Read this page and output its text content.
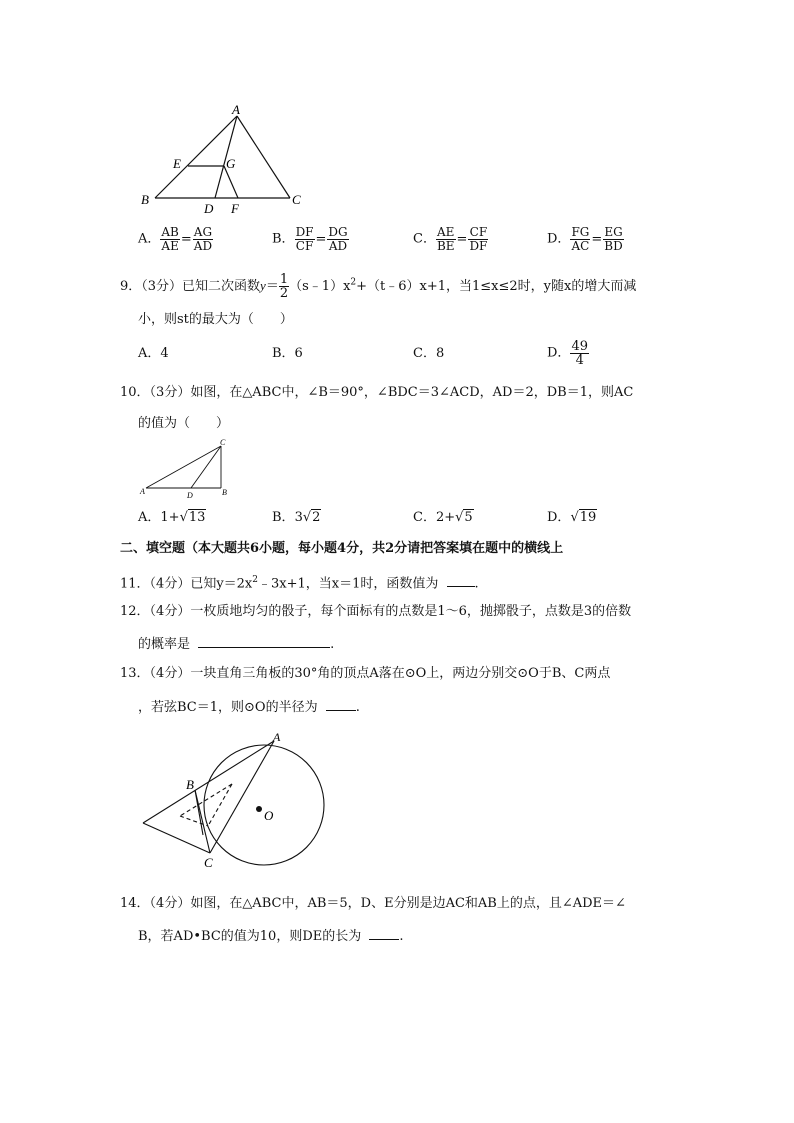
A
E	G
B
D F
C
A． $\frac{AB}{AE} = \frac{AG}{AD}$	B． $\frac{DF}{CF} = \frac{DG}{AD}$	C． $\frac{AE}{BE} = \frac{CF}{DF}$	D． $\frac{FG}{AC} = \frac{EG}{BD}$
9．（3分）已知二次函数$y= \frac{1}{2}$ $(s﹣1)x^2+(t﹣6)x+1$，当1≤x≤2时，y随x的增大而减
小，则st的最大为（　　）
A．4	B．6	C．8	D． $\frac{49}{4}$
10．（3分）如图，在△ABC中，∠B＝90°，∠BDC＝3∠ACD，AD＝2，DB＝1，则AC
的值为（　　）
C
A	D	B
A．1+√13	B．3√2	C．2+√5	D．√19
二、填空题（本大题共6小题，每小题4分，共2分请把答案填在题中的横线上
11．（4分）已知$y=2x^2﹣3x+1$，当x＝1时，函数值为	.
12．（4分）一枚质地均匀的骰子，每个面标有的点数是1～6，抛掷骰子，点数是3的倍数
的概率是	.
13．（4分）一块直角三角板的30°角的顶点A落在⊙O上，两边分别交⊙O于B、C两点
，若弦BC＝1，则⊙O的半径为	.
A
B
O
C
14．（4分）如图，在△ABC中，AB＝5，D、E分别是边AC和AB上的点，且∠ADE＝∠
B，若AD•BC的值为10，则DE的长为	.
